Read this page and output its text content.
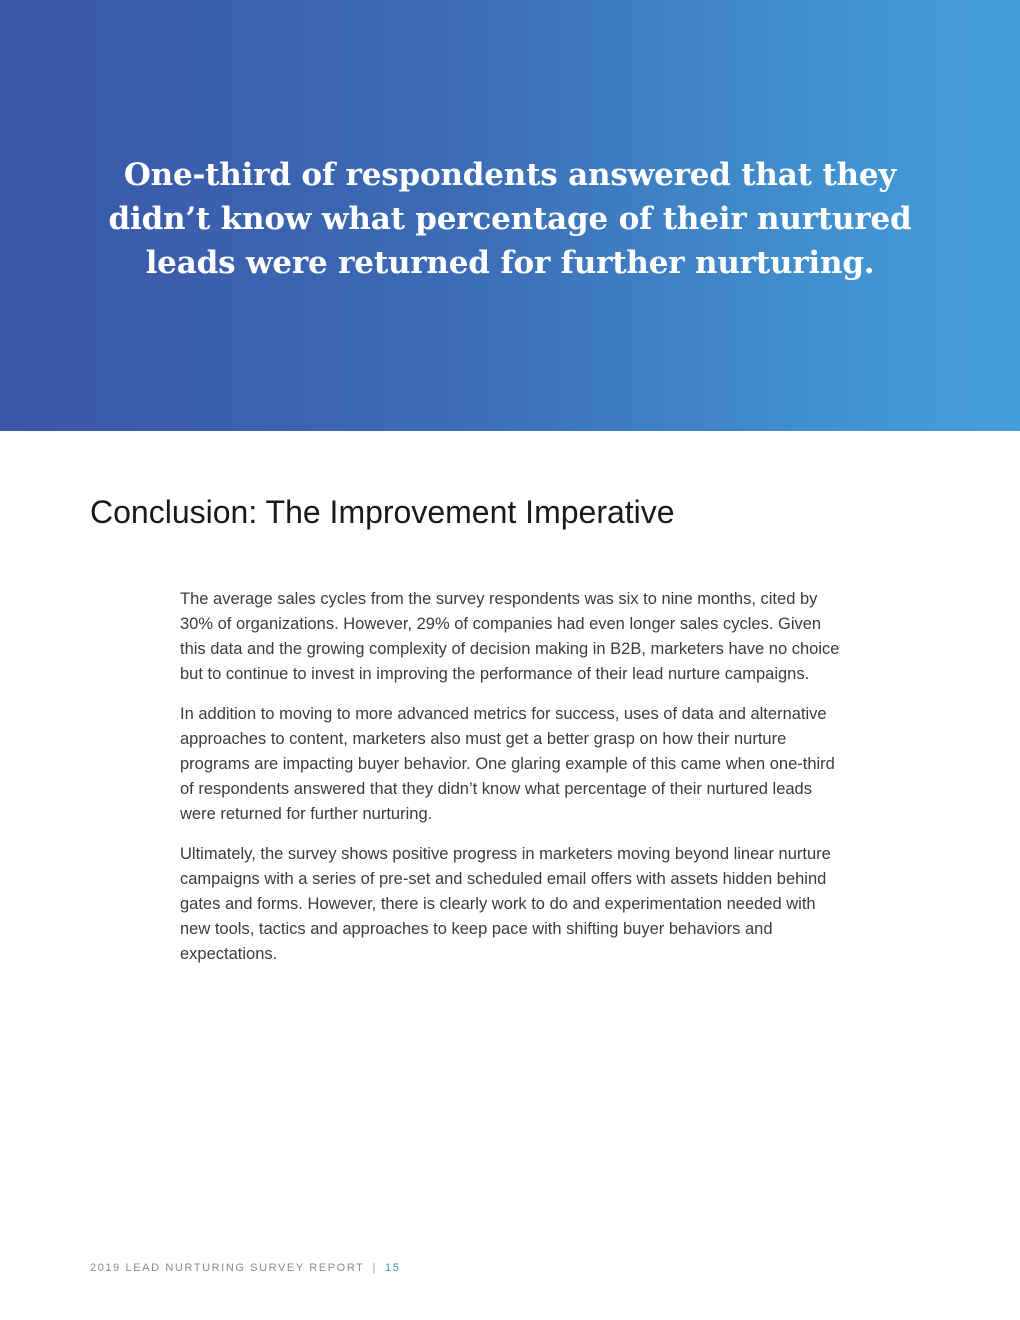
One-third of respondents answered that they didn’t know what percentage of their nurtured leads were returned for further nurturing.
Conclusion: The Improvement Imperative

The average sales cycles from the survey respondents was six to nine months, cited by 30% of organizations. However, 29% of companies had even longer sales cycles. Given this data and the growing complexity of decision making in B2B, marketers have no choice but to continue to invest in improving the performance of their lead nurture campaigns.

In addition to moving to more advanced metrics for success, uses of data and alternative approaches to content, marketers also must get a better grasp on how their nurture programs are impacting buyer behavior. One glaring example of this came when one-third of respondents answered that they didn’t know what percentage of their nurtured leads were returned for further nurturing.

Ultimately, the survey shows positive progress in marketers moving beyond linear nurture campaigns with a series of pre-set and scheduled email offers with assets hidden behind gates and forms. However, there is clearly work to do and experimentation needed with new tools, tactics and approaches to keep pace with shifting buyer behaviors and expectations.

2019 LEAD NURTURING SURVEY REPORT | 15
